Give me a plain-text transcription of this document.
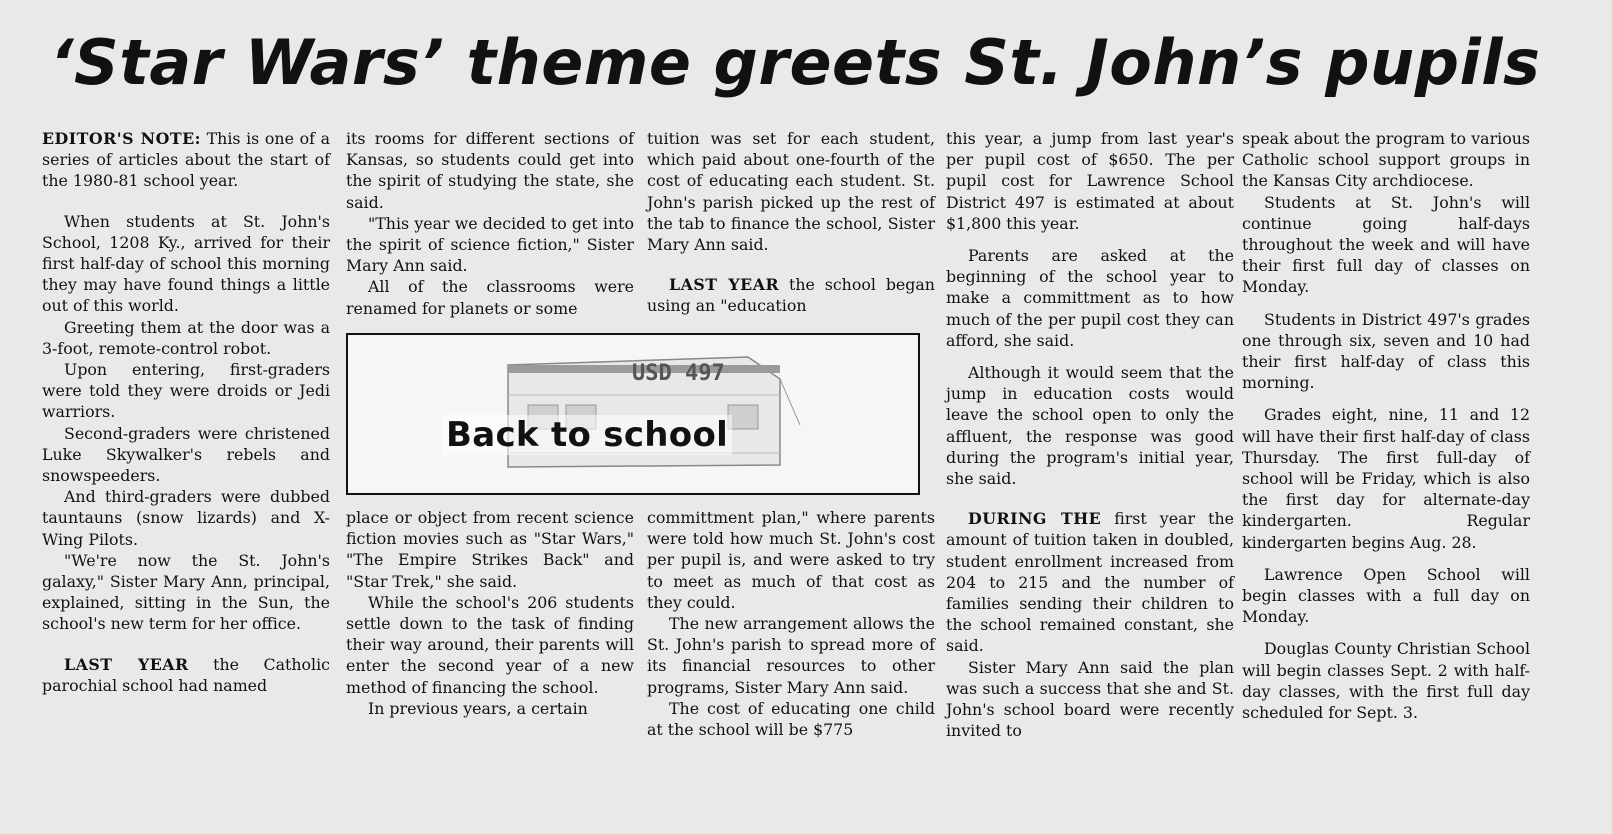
‘Star Wars’ theme greets St. John’s pupils

EDITOR'S NOTE: This is one of a series of articles about the start of the 1980-81 school year.

When students at St. John's School, 1208 Ky., arrived for their first half-day of school this morning they may have found things a little out of this world.

Greeting them at the door was a 3-foot, remote-control robot.

Upon entering, first-graders were told they were droids or Jedi warriors.

Second-graders were christened Luke Skywalker's rebels and snowspeeders.

And third-graders were dubbed tauntauns (snow lizards) and X-Wing Pilots.

"We're now the St. John's galaxy," Sister Mary Ann, principal, explained, sitting in the Sun, the school's new term for her office.

LAST YEAR the Catholic parochial school had named

its rooms for different sections of Kansas, so students could get into the spirit of studying the state, she said.

"This year we decided to get into the spirit of science fiction," Sister Mary Ann said.

All of the classrooms were renamed for planets or some

tuition was set for each student, which paid about one-fourth of the cost of educating each student. St. John's parish picked up the rest of the tab to finance the school, Sister Mary Ann said.

LAST YEAR the school began using an "education

USD 497
Back to school

place or object from recent science fiction movies such as "Star Wars," "The Empire Strikes Back" and "Star Trek," she said.

While the school's 206 students settle down to the task of finding their way around, their parents will enter the second year of a new method of financing the school.

In previous years, a certain

committment plan," where parents were told how much St. John's cost per pupil is, and were asked to try to meet as much of that cost as they could.

The new arrangement allows the St. John's parish to spread more of its financial resources to other programs, Sister Mary Ann said.

The cost of educating one child at the school will be $775

this year, a jump from last year's per pupil cost of $650. The per pupil cost for Lawrence School District 497 is estimated at about $1,800 this year.

Parents are asked at the beginning of the school year to make a committment as to how much of the per pupil cost they can afford, she said.

Although it would seem that the jump in education costs would leave the school open to only the affluent, the response was good during the program's initial year, she said.

DURING THE first year the amount of tuition taken in doubled, student enrollment increased from 204 to 215 and the number of families sending their children to the school remained constant, she said.

Sister Mary Ann said the plan was such a success that she and St. John's school board were recently invited to

speak about the program to various Catholic school support groups in the Kansas City archdiocese.

Students at St. John's will continue going half-days throughout the week and will have their first full day of classes on Monday.

Students in District 497's grades one through six, seven and 10 had their first half-day of class this morning.

Grades eight, nine, 11 and 12 will have their first half-day of class Thursday. The first full-day of school will be Friday, which is also the first day for alternate-day kindergarten. Regular kindergarten begins Aug. 28.

Lawrence Open School will begin classes with a full day on Monday.

Douglas County Christian School will begin classes Sept. 2 with half-day classes, with the first full day scheduled for Sept. 3.
